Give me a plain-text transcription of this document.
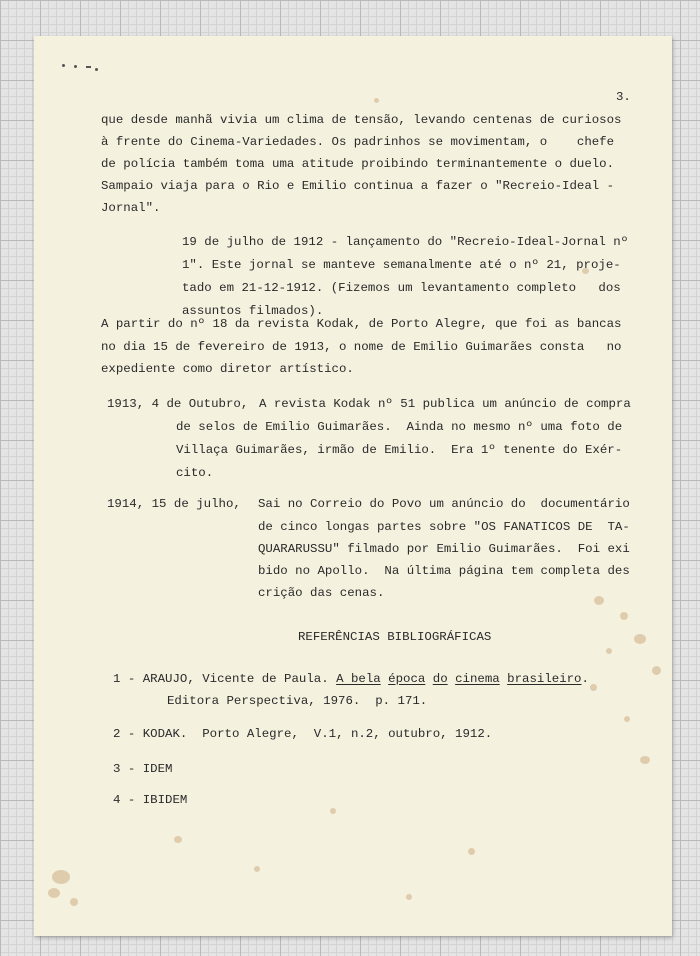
3.
que desde manhã vivia um clima de tensão, levando centenas de curiosos
à frente do Cinema-Variedades. Os padrinhos se movimentam, o    chefe
de polícia também toma uma atitude proibindo terminantemente o duelo.
Sampaio viaja para o Rio e Emilio continua a fazer o "Recreio-Ideal -
Jornal".
19 de julho de 1912 - lançamento do "Recreio-Ideal-Jornal nº
1". Este jornal se manteve semanalmente até o nº 21, proje-
tado em 21-12-1912. (Fizemos um levantamento completo   dos
assuntos filmados).
A partir do nº 18 da revista Kodak, de Porto Alegre, que foi as bancas
no dia 15 de fevereiro de 1913, o nome de Emilio Guimarães consta   no
expediente como diretor artístico.
1913, 4 de Outubro, A revista Kodak nº 51 publica um anúncio de compra
de selos de Emilio Guimarães.  Ainda no mesmo nº uma foto de
Villaça Guimarães, irmão de Emilio.  Era 1º tenente do Exér-
cito.
1914, 15 de julho, Sai no Correio do Povo um anúncio do  documentário
de cinco longas partes sobre "OS FANATICOS DE  TA-
QUARARUSSU" filmado por Emilio Guimarães.  Foi exi
bido no Apollo.  Na última página tem completa des
crição das cenas.
REFERÊNCIAS BIBLIOGRÁFICAS
1 - ARAUJO, Vicente de Paula. A bela época do cinema brasileiro.
Editora Perspectiva, 1976.  p. 171.
2 - KODAK.  Porto Alegre,  V.1, n.2, outubro, 1912.
3 - IDEM
4 - IBIDEM
